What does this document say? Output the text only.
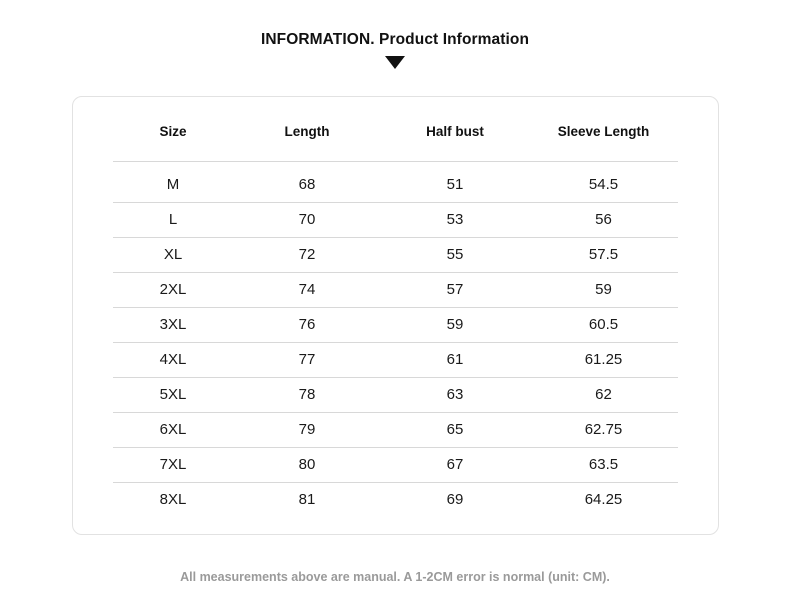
INFORMATION. Product Information
Size	Length	Half bust	Sleeve Length
M	68	51	54.5
L	70	53	56
XL	72	55	57.5
2XL	74	57	59
3XL	76	59	60.5
4XL	77	61	61.25
5XL	78	63	62
6XL	79	65	62.75
7XL	80	67	63.5
8XL	81	69	64.25
All measurements above are manual. A 1-2CM error is normal (unit: CM).
